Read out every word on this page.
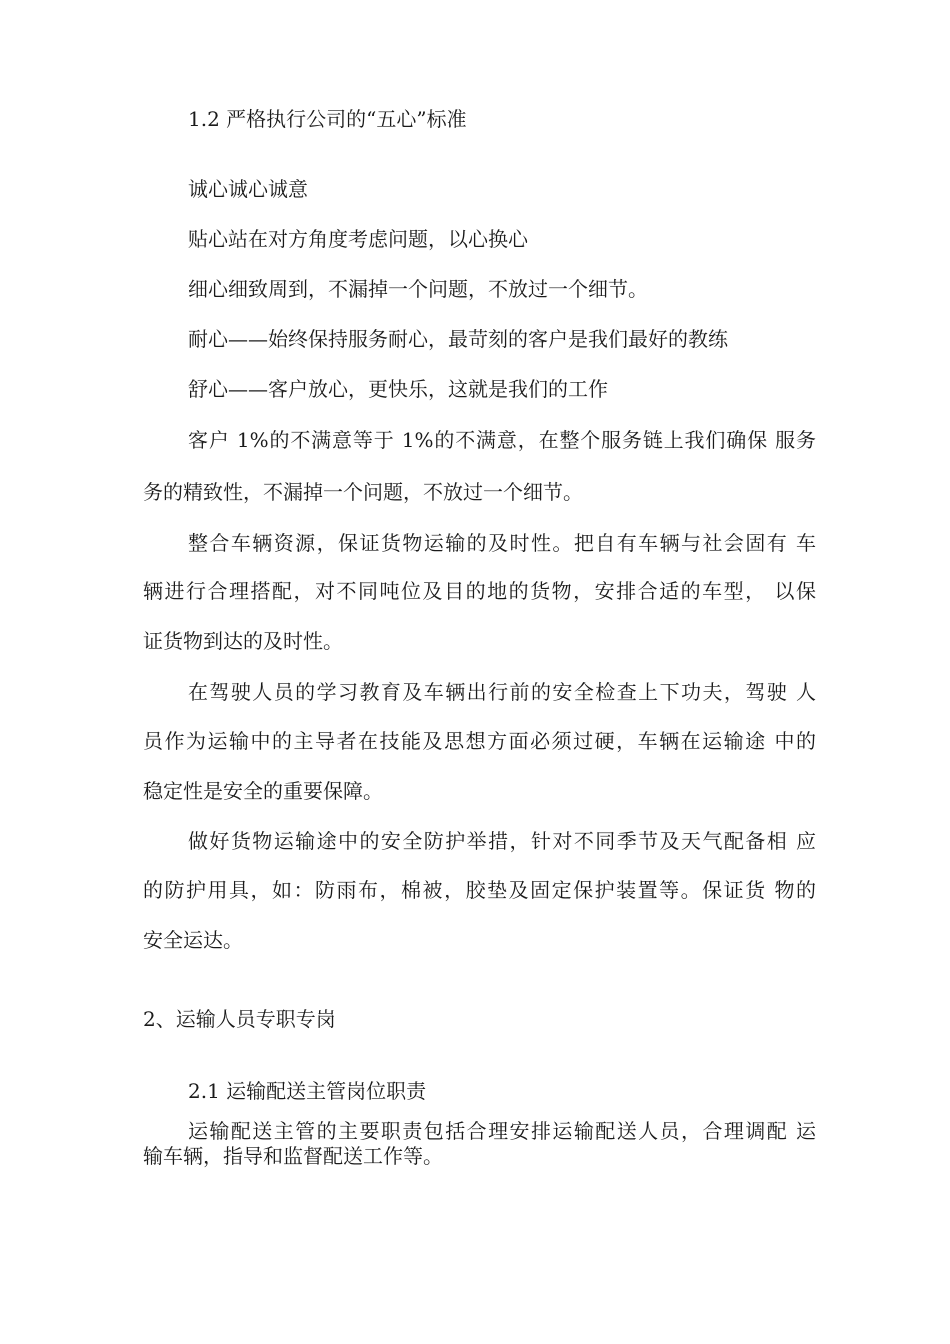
1.2 严格执行公司的“五心”标准

诚心诚心诚意

贴心站在对方角度考虑问题，以心换心

细心细致周到，不漏掉一个问题，不放过一个细节。

耐心——始终保持服务耐心，最苛刻的客户是我们最好的教练

舒心——客户放心，更快乐，这就是我们的工作

客户 1%的不满意等于 1%的不满意，在整个服务链上我们确保 服务

务的精致性，不漏掉一个问题，不放过一个细节。

整合车辆资源，保证货物运输的及时性。把自有车辆与社会固有 车

辆进行合理搭配，对不同吨位及目的地的货物，安排合适的车型， 以保

证货物到达的及时性。

在驾驶人员的学习教育及车辆出行前的安全检查上下功夫，驾驶 人

员作为运输中的主导者在技能及思想方面必须过硬，车辆在运输途 中的

稳定性是安全的重要保障。

做好货物运输途中的安全防护举措，针对不同季节及天气配备相 应

的防护用具，如：防雨布，棉被，胶垫及固定保护装置等。保证货 物的

安全运达。

2、运输人员专职专岗

2.1 运输配送主管岗位职责

运输配送主管的主要职责包括合理安排运输配送人员，合理调配 运

输车辆，指导和监督配送工作等。
